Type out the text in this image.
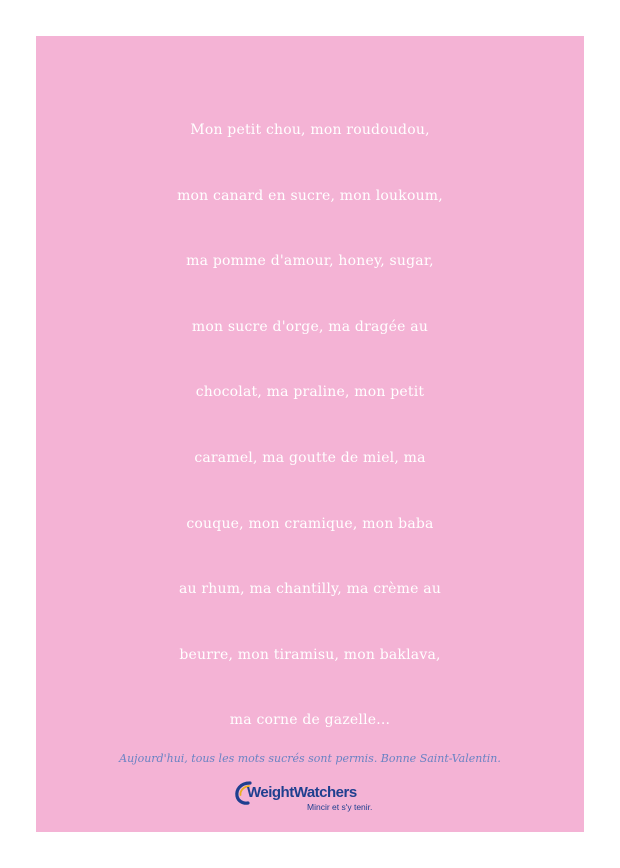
Mon petit chou, mon roudoudou,
mon canard en sucre, mon loukoum,
ma pomme d'amour, honey, sugar,
mon sucre d'orge, ma dragée au
chocolat, ma praline, mon petit
caramel, ma goutte de miel, ma
couque, mon cramique, mon baba
au rhum, ma chantilly, ma crème au
beurre, mon tiramisu, mon baklava,
ma corne de gazelle...
Aujourd'hui, tous les mots sucrés sont permis. Bonne Saint-Valentin.
WeightWatchers
Mincir et s'y tenir.
